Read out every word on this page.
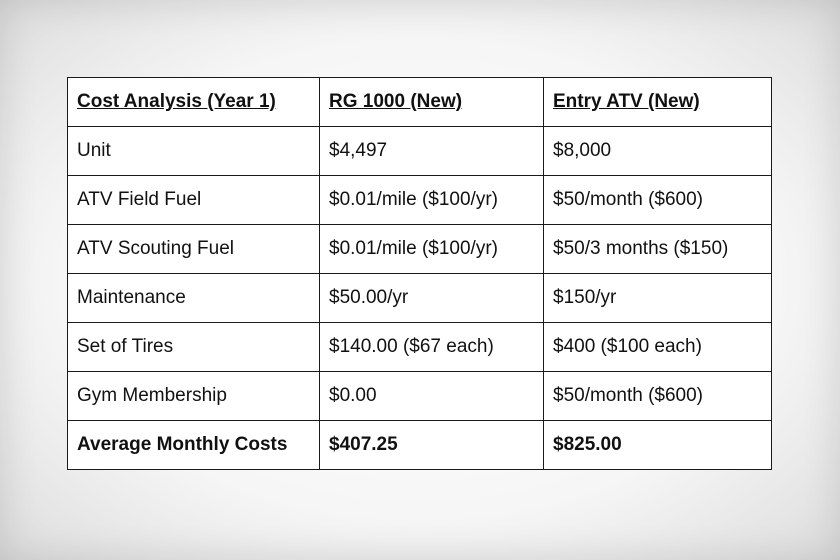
Cost Analysis (Year 1)	RG 1000 (New)	Entry ATV (New)
Unit	$4,497	$8,000
ATV Field Fuel	$0.01/mile ($100/yr)	$50/month ($600)
ATV Scouting Fuel	$0.01/mile ($100/yr)	$50/3 months ($150)
Maintenance	$50.00/yr	$150/yr
Set of Tires	$140.00 ($67 each)	$400 ($100 each)
Gym Membership	$0.00	$50/month ($600)
Average Monthly Costs	$407.25	$825.00
